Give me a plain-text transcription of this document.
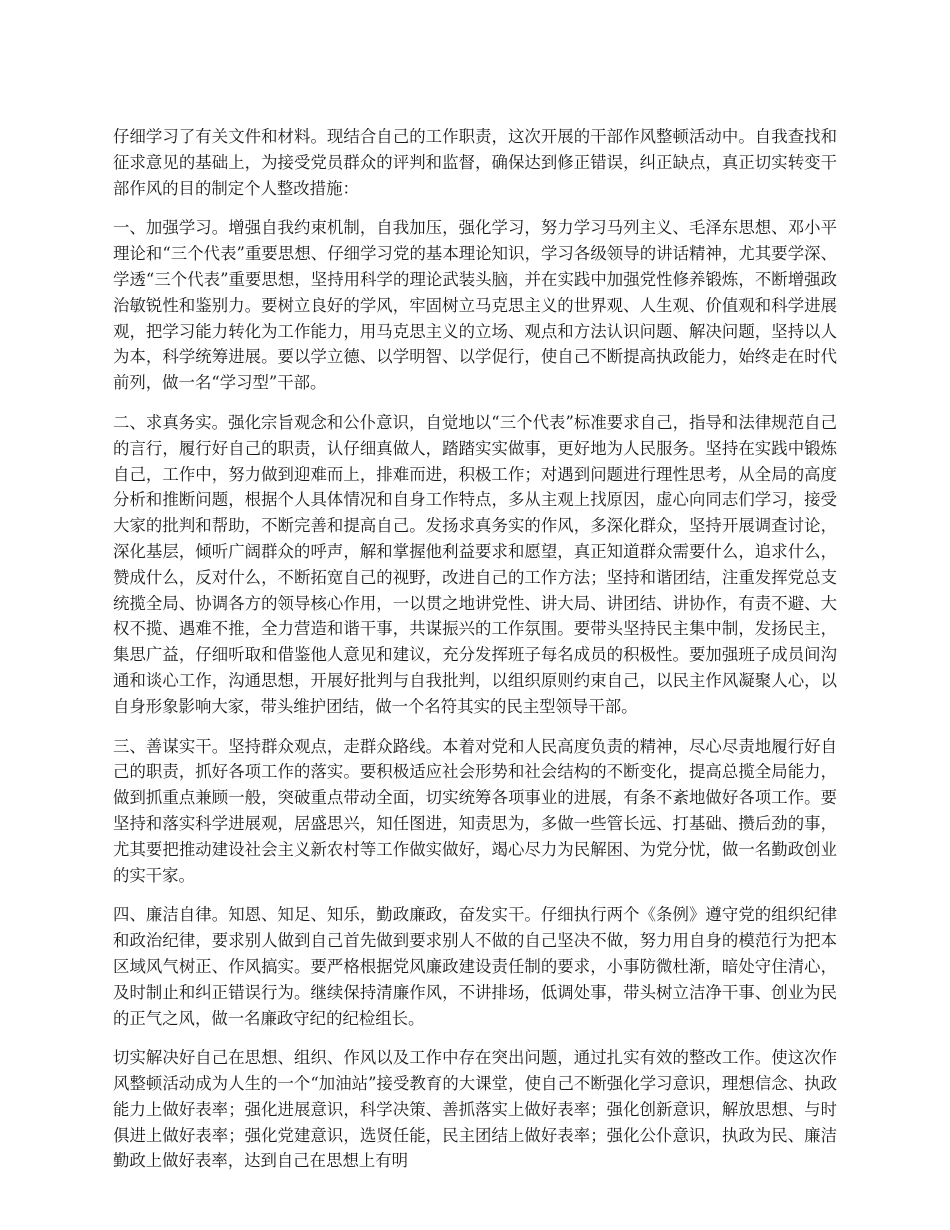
仔细学习了有关文件和材料。现结合自己的工作职责，这次开展的干部作风整顿活动中。自我查找和征求意见的基础上，为接受党员群众的评判和监督，确保达到修正错误，纠正缺点，真正切实转变干部作风的目的制定个人整改措施：

一、加强学习。增强自我约束机制，自我加压，强化学习，努力学习马列主义、毛泽东思想、邓小平理论和“三个代表”重要思想、仔细学习党的基本理论知识，学习各级领导的讲话精神，尤其要学深、学透“三个代表”重要思想，坚持用科学的理论武装头脑，并在实践中加强党性修养锻炼，不断增强政治敏锐性和鉴别力。要树立良好的学风，牢固树立马克思主义的世界观、人生观、价值观和科学进展观，把学习能力转化为工作能力，用马克思主义的立场、观点和方法认识问题、解决问题，坚持以人为本，科学统筹进展。要以学立德、以学明智、以学促行，使自己不断提高执政能力，始终走在时代前列，做一名“学习型”干部。

二、求真务实。强化宗旨观念和公仆意识，自觉地以“三个代表”标准要求自己，指导和法律规范自己的言行，履行好自己的职责，认仔细真做人，踏踏实实做事，更好地为人民服务。坚持在实践中锻炼自己，工作中，努力做到迎难而上，排难而进，积极工作；对遇到问题进行理性思考，从全局的高度分析和推断问题，根据个人具体情况和自身工作特点，多从主观上找原因，虚心向同志们学习，接受大家的批判和帮助，不断完善和提高自己。发扬求真务实的作风，多深化群众，坚持开展调查讨论，深化基层，倾听广阔群众的呼声，解和掌握他利益要求和愿望，真正知道群众需要什么，追求什么，赞成什么，反对什么，不断拓宽自己的视野，改进自己的工作方法；坚持和谐团结，注重发挥党总支统揽全局、协调各方的领导核心作用，一以贯之地讲党性、讲大局、讲团结、讲协作，有责不避、大权不揽、遇难不推，全力营造和谐干事，共谋振兴的工作氛围。要带头坚持民主集中制，发扬民主，集思广益，仔细听取和借鉴他人意见和建议，充分发挥班子每名成员的积极性。要加强班子成员间沟通和谈心工作，沟通思想，开展好批判与自我批判，以组织原则约束自己，以民主作风凝聚人心，以自身形象影响大家，带头维护团结，做一个名符其实的民主型领导干部。

三、善谋实干。坚持群众观点，走群众路线。本着对党和人民高度负责的精神，尽心尽责地履行好自己的职责，抓好各项工作的落实。要积极适应社会形势和社会结构的不断变化，提高总揽全局能力，做到抓重点兼顾一般，突破重点带动全面，切实统筹各项事业的进展，有条不紊地做好各项工作。要坚持和落实科学进展观，居盛思兴，知任图进，知责思为，多做一些管长远、打基础、攒后劲的事，尤其要把推动建设社会主义新农村等工作做实做好，竭心尽力为民解困、为党分忧，做一名勤政创业的实干家。

四、廉洁自律。知恩、知足、知乐，勤政廉政，奋发实干。仔细执行两个《条例》遵守党的组织纪律和政治纪律，要求别人做到自己首先做到要求别人不做的自己坚决不做，努力用自身的模范行为把本区域风气树正、作风搞实。要严格根据党风廉政建设责任制的要求，小事防微杜渐，暗处守住清心，及时制止和纠正错误行为。继续保持清廉作风，不讲排场，低调处事，带头树立洁净干事、创业为民的正气之风，做一名廉政守纪的纪检组长。

切实解决好自己在思想、组织、作风以及工作中存在突出问题，通过扎实有效的整改工作。使这次作风整顿活动成为人生的一个“加油站”接受教育的大课堂，使自己不断强化学习意识，理想信念、执政能力上做好表率；强化进展意识，科学决策、善抓落实上做好表率；强化创新意识，解放思想、与时俱进上做好表率；强化党建意识，选贤任能，民主团结上做好表率；强化公仆意识，执政为民、廉洁勤政上做好表率，达到自己在思想上有明
